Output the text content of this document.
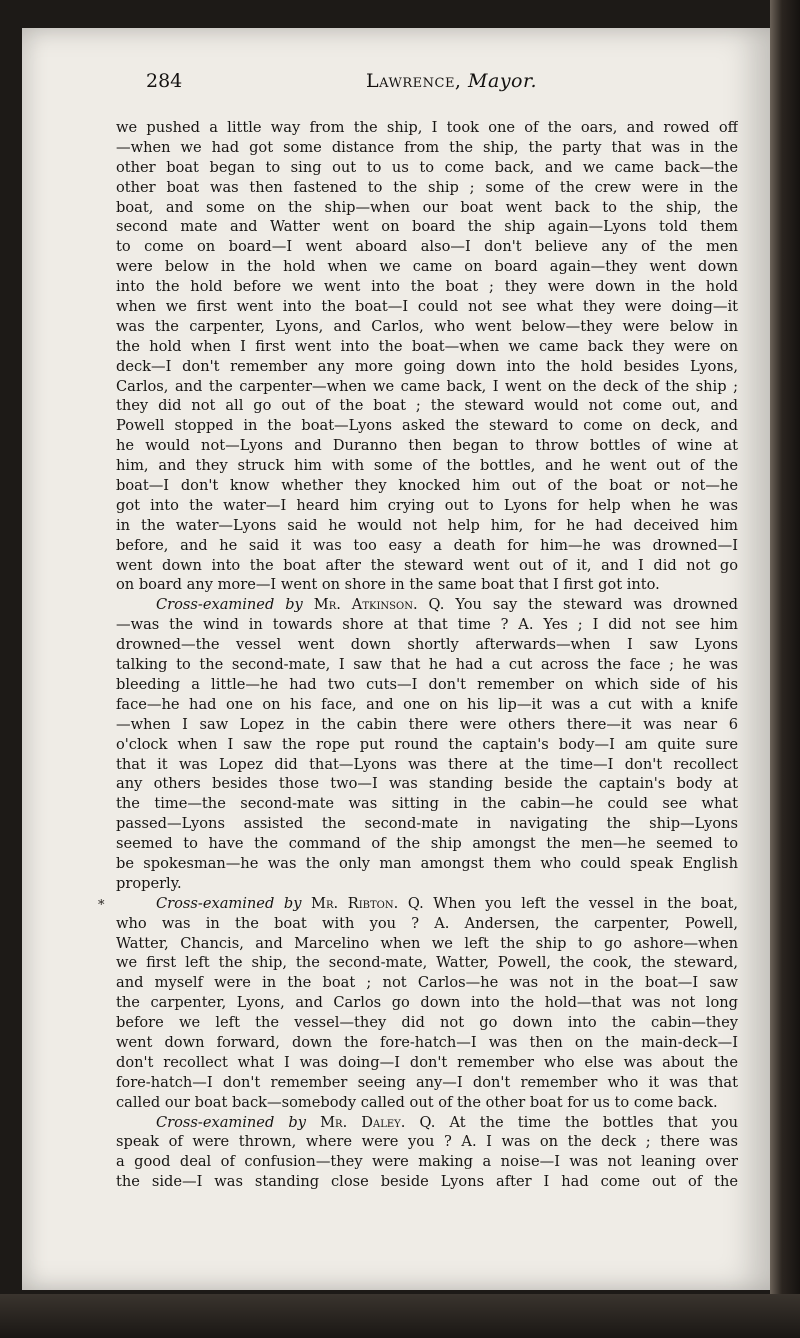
284	Lawrence, Mayor.
*
we pushed a little way from the ship, I took one of the oars, and rowed off
—when we had got some distance from the ship, the party that was in the
other boat began to sing out to us to come back, and we came back—the
other boat was then fastened to the ship ; some of the crew were in the
boat, and some on the ship—when our boat went back to the ship, the
second mate and Watter went on board the ship again—Lyons told them
to come on board—I went aboard also—I don't believe any of the men
were below in the hold when we came on board again—they went down
into the hold before we went into the boat ; they were down in the hold
when we first went into the boat—I could not see what they were doing—it
was the carpenter, Lyons, and Carlos, who went below—they were below in
the hold when I first went into the boat—when we came back they were on
deck—I don't remember any more going down into the hold besides Lyons,
Carlos, and the carpenter—when we came back, I went on the deck of the ship ;
they did not all go out of the boat ; the steward would not come out, and
Powell stopped in the boat—Lyons asked the steward to come on deck, and
he would not—Lyons and Duranno then began to throw bottles of wine at
him, and they struck him with some of the bottles, and he went out of the
boat—I don't know whether they knocked him out of the boat or not—he
got into the water—I heard him crying out to Lyons for help when he was
in the water—Lyons said he would not help him, for he had deceived him
before, and he said it was too easy a death for him—he was drowned—I
went down into the boat after the steward went out of it, and I did not go
on board any more—I went on shore in the same boat that I first got into.
Cross-examined by Mr. Atkinson. Q. You say the steward was drowned
—was the wind in towards shore at that time ? A. Yes ; I did not see him
drowned—the vessel went down shortly afterwards—when I saw Lyons
talking to the second-mate, I saw that he had a cut across the face ; he was
bleeding a little—he had two cuts—I don't remember on which side of his
face—he had one on his face, and one on his lip—it was a cut with a knife
—when I saw Lopez in the cabin there were others there—it was near 6
o'clock when I saw the rope put round the captain's body—I am quite sure
that it was Lopez did that—Lyons was there at the time—I don't recollect
any others besides those two—I was standing beside the captain's body at
the time—the second-mate was sitting in the cabin—he could see what
passed—Lyons assisted the second-mate in navigating the ship—Lyons
seemed to have the command of the ship amongst the men—he seemed to
be spokesman—he was the only man amongst them who could speak English
properly.
Cross-examined by Mr. Ribton. Q. When you left the vessel in the boat,
who was in the boat with you ? A. Andersen, the carpenter, Powell,
Watter, Chancis, and Marcelino when we left the ship to go ashore—when
we first left the ship, the second-mate, Watter, Powell, the cook, the steward,
and myself were in the boat ; not Carlos—he was not in the boat—I saw
the carpenter, Lyons, and Carlos go down into the hold—that was not long
before we left the vessel—they did not go down into the cabin—they
went down forward, down the fore-hatch—I was then on the main-deck—I
don't recollect what I was doing—I don't remember who else was about the
fore-hatch—I don't remember seeing any—I don't remember who it was that
called our boat back—somebody called out of the other boat for us to come back.
Cross-examined by Mr. Daley. Q. At the time the bottles that you
speak of were thrown, where were you ? A. I was on the deck ; there was
a good deal of confusion—they were making a noise—I was not leaning over
the side—I was standing close beside Lyons after I had come out of the
